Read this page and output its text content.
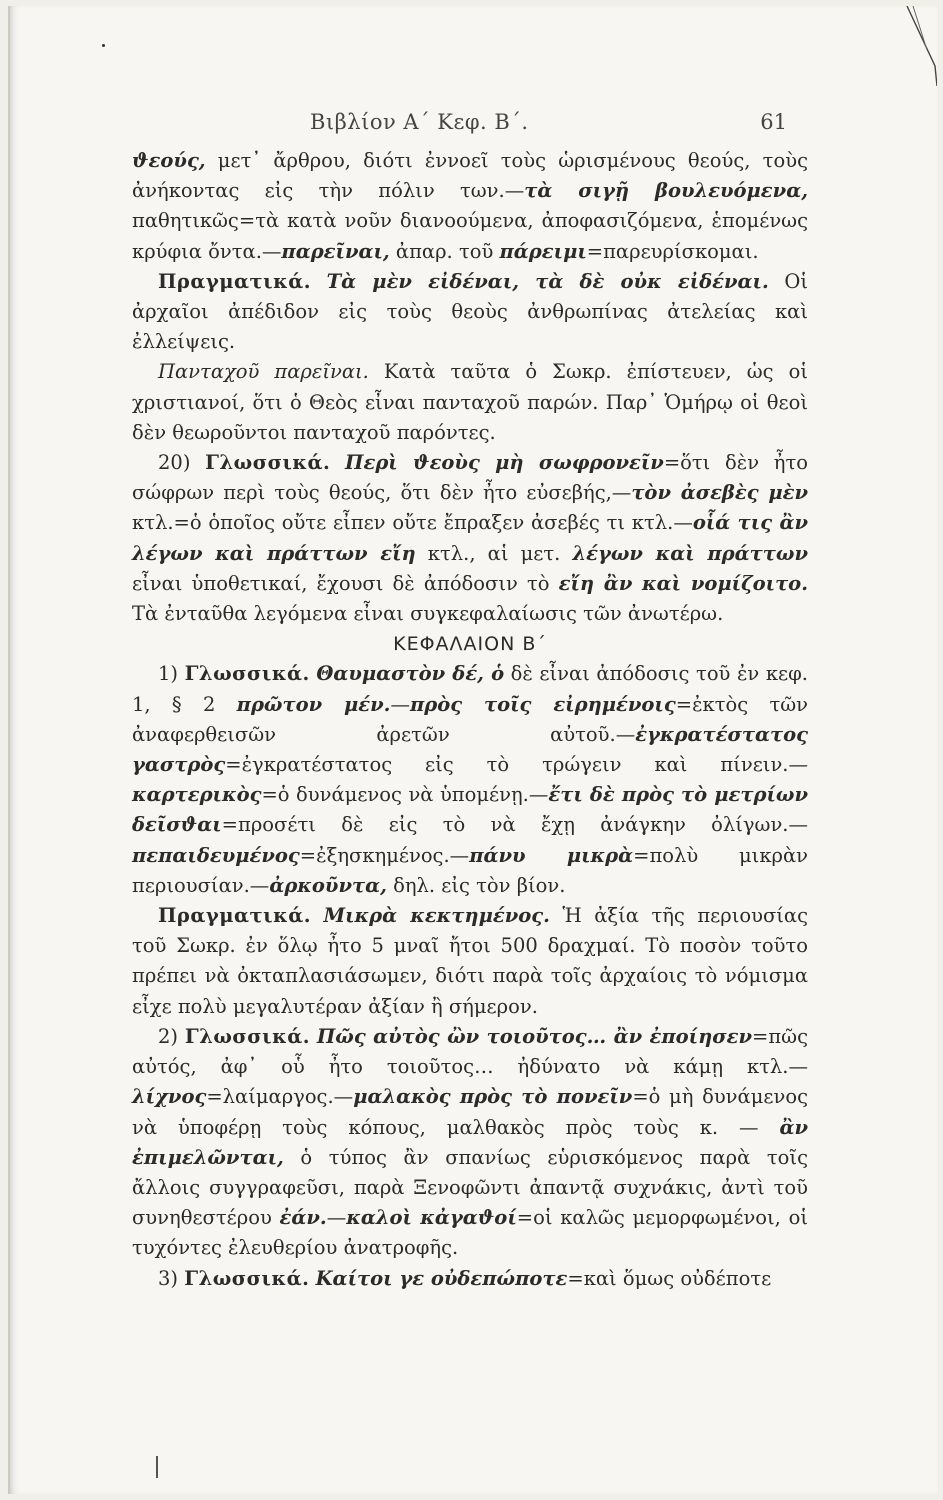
Βιβλίον Α΄ Κεφ. Β΄.	61

ϑεούς, μετ᾽ ἄρθρου, διότι ἐννοεῖ τοὺς ὡρισμένους θεούς, τοὺς ἀνήκοντας εἰς τὴν πόλιν των.—τὰ σιγῇ βουλευόμενα, παθητικῶς=τὰ κατὰ νοῦν διανοούμενα, ἀποφασιζόμενα, ἑπομένως κρύφια ὄντα.—παρεῖναι, ἀπαρ. τοῦ πάρειμι=παρευρίσκομαι.

Πραγματικά. Τὰ μὲν εἰδέναι, τὰ δὲ οὐκ εἰδέναι. Οἱ ἀρχαῖοι ἀπέδιδον εἰς τοὺς θεοὺς ἀνθρωπίνας ἀτελείας καὶ ἐλλείψεις.

Πανταχοῦ παρεῖναι. Κατὰ ταῦτα ὁ Σωκρ. ἐπίστευεν, ὡς οἱ χριστιανοί, ὅτι ὁ Θεὸς εἶναι πανταχοῦ παρών. Παρ᾽ Ὁμήρῳ οἱ θεοὶ δὲν θεωροῦντοι πανταχοῦ παρόντες.

20) Γλωσσικά. Περὶ ϑεοὺς μὴ σωφρονεῖν=ὅτι δὲν ἦτο σώφρων περὶ τοὺς θεούς, ὅτι δὲν ἦτο εὐσεβής,—τὸν ἀσεβὲς μὲν κτλ.=ὁ ὁποῖος οὔτε εἶπεν οὔτε ἔπραξεν ἀσεβές τι κτλ.—οἷά τις ἂν λέγων καὶ πράττων εἴη κτλ., αἱ μετ. λέγων καὶ πράττων εἶναι ὑποθετικαί, ἔχουσι δὲ ἀπόδοσιν τὸ εἴη ἂν καὶ νομίζοιτο. Τὰ ἐνταῦθα λεγόμενα εἶναι συγκεφαλαίωσις τῶν ἀνωτέρω.

ΚΕΦΑΛΑΙΟΝ Β΄

1) Γλωσσικά. Θαυμαστὸν δέ, ὁ δὲ εἶναι ἀπόδοσις τοῦ ἐν κεφ. 1, § 2 πρῶτον μέν.—πρὸς τοῖς εἰρημένοις=ἐκτὸς τῶν ἀναφερθεισῶν ἀρετῶν αὐτοῦ.—ἐγκρατέστατος γαστρὸς=ἐγκρατέστατος εἰς τὸ τρώγειν καὶ πίνειν.—καρτερικὸς=ὁ δυνάμενος νὰ ὑπομένῃ.—ἔτι δὲ πρὸς τὸ μετρίων δεῖσϑαι=προσέτι δὲ εἰς τὸ νὰ ἔχῃ ἀνάγκην ὀλίγων.—πεπαιδευμένος=ἐξησκημένος.—πάνυ μικρὰ=πολὺ μικρὰν περιουσίαν.—ἀρκοῦντα, δηλ. εἰς τὸν βίον.

Πραγματικά. Μικρὰ κεκτημένος. Ἡ ἀξία τῆς περιουσίας τοῦ Σωκρ. ἐν ὅλῳ ἦτο 5 μναῖ ἤτοι 500 δραχμαί. Τὸ ποσὸν τοῦτο πρέπει νὰ ὀκταπλασιάσωμεν, διότι παρὰ τοῖς ἀρχαίοις τὸ νόμισμα εἶχε πολὺ μεγαλυτέραν ἀξίαν ἢ σήμερον.

2) Γλωσσικά. Πῶς αὐτὸς ὢν τοιοῦτος… ἂν ἐποίησεν=πῶς αὐτός, ἀφ᾽ οὗ ἦτο τοιοῦτος… ἠδύνατο νὰ κάμῃ κτλ.—λίχνος=λαίμαργος.—μαλακὸς πρὸς τὸ πονεῖν=ὁ μὴ δυνάμενος νὰ ὑποφέρῃ τοὺς κόπους, μαλθακὸς πρὸς τοὺς κ. — ἂν ἐπιμελῶνται, ὁ τύπος ἂν σπανίως εὑρισκόμενος παρὰ τοῖς ἄλλοις συγγραφεῦσι, παρὰ Ξενοφῶντι ἀπαντᾷ συχνάκις, ἀντὶ τοῦ συνηθεστέρου ἐάν.—καλοὶ κἀγαϑοί=οἱ καλῶς μεμορφωμένοι, οἱ τυχόντες ἐλευθερίου ἀνατροφῆς.

3) Γλωσσικά. Καίτοι γε οὐδεπώποτε=καὶ ὅμως οὐδέποτε
